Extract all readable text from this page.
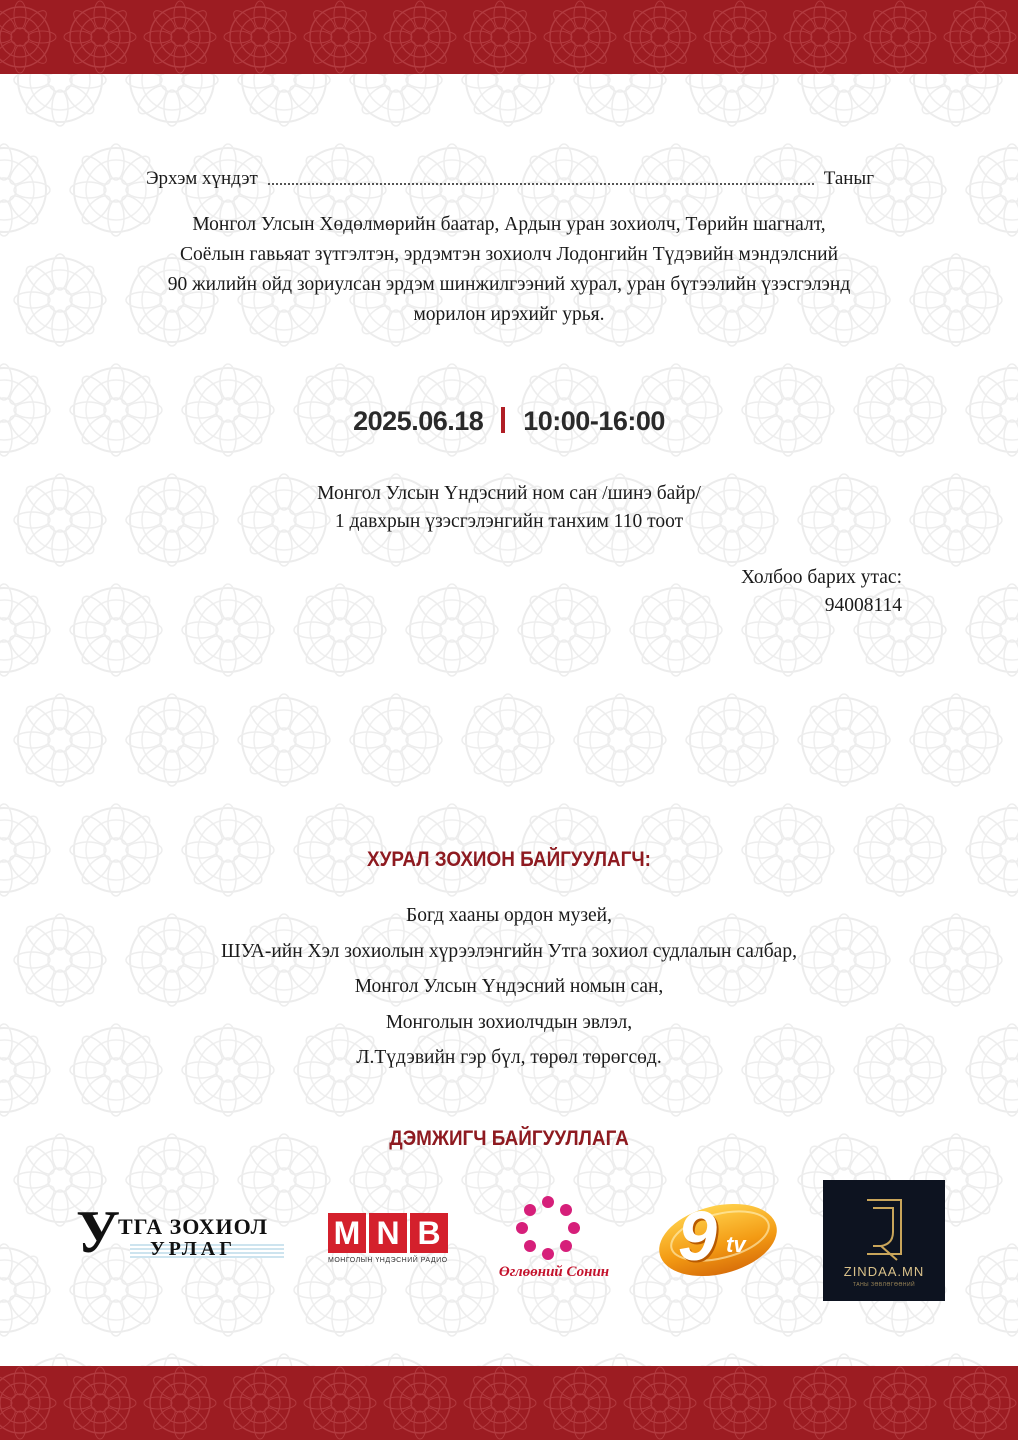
Эрхэм хүндэт	Таныг
Монгол Улсын Хөдөлмөрийн баатар, Ардын уран зохиолч, Төрийн шагналт,
Соёлын гавьяат зүтгэлтэн, эрдэмтэн зохиолч Лодонгийн Түдэвийн мэндэлсний
90 жилийн ойд зориулсан эрдэм шинжилгээний хурал, уран бүтээлийн үзэсгэлэнд
морилон ирэхийг урья.
2025.06.18 10:00-16:00
Монгол Улсын Үндэсний ном сан /шинэ байр/
1 давхрын үзэсгэлэнгийн танхим 110 тоот
Холбоо барих утас:
94008114
ХУРАЛ ЗОХИОН БАЙГУУЛАГЧ:
Богд хааны ордон музей,
ШУА-ийн Хэл зохиолын хүрээлэнгийн Утга зохиол судлалын салбар,
Монгол Улсын Үндэсний номын сан,
Монголын зохиолчдын эвлэл,
Л.Түдэвийн гэр бүл, төрөл төрөгсөд.
ДЭМЖИГЧ БАЙГУУЛЛАГА
У
ТГА ЗОХИОЛ
УРЛАГ	M N B
МОНГОЛЫН ҮНДЭСНИЙ РАДИО
Өглөөний Сонин 9 tv
ZINDAA.MN
ТАНЫ ЗӨВЛӨГӨӨНИЙ
